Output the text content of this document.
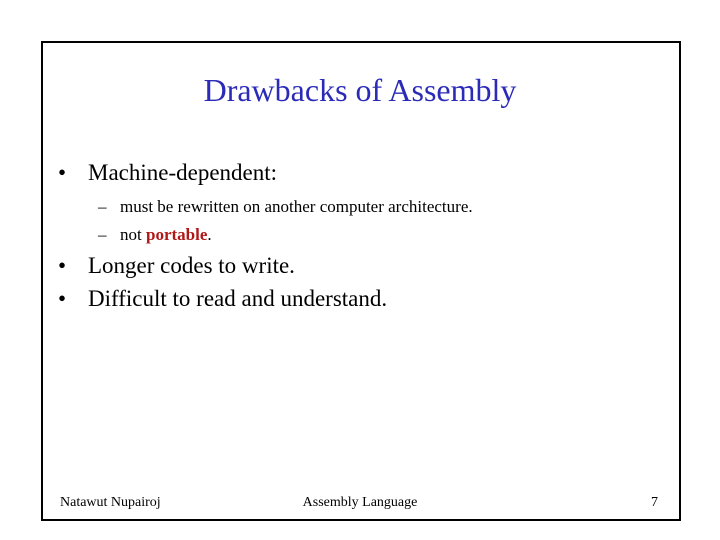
Drawbacks of Assembly
• Machine-dependent:
– must be rewritten on another computer architecture.
– not portable.
• Longer codes to write.
• Difficult to read and understand.
Natawut Nupairoj	Assembly Language	7
